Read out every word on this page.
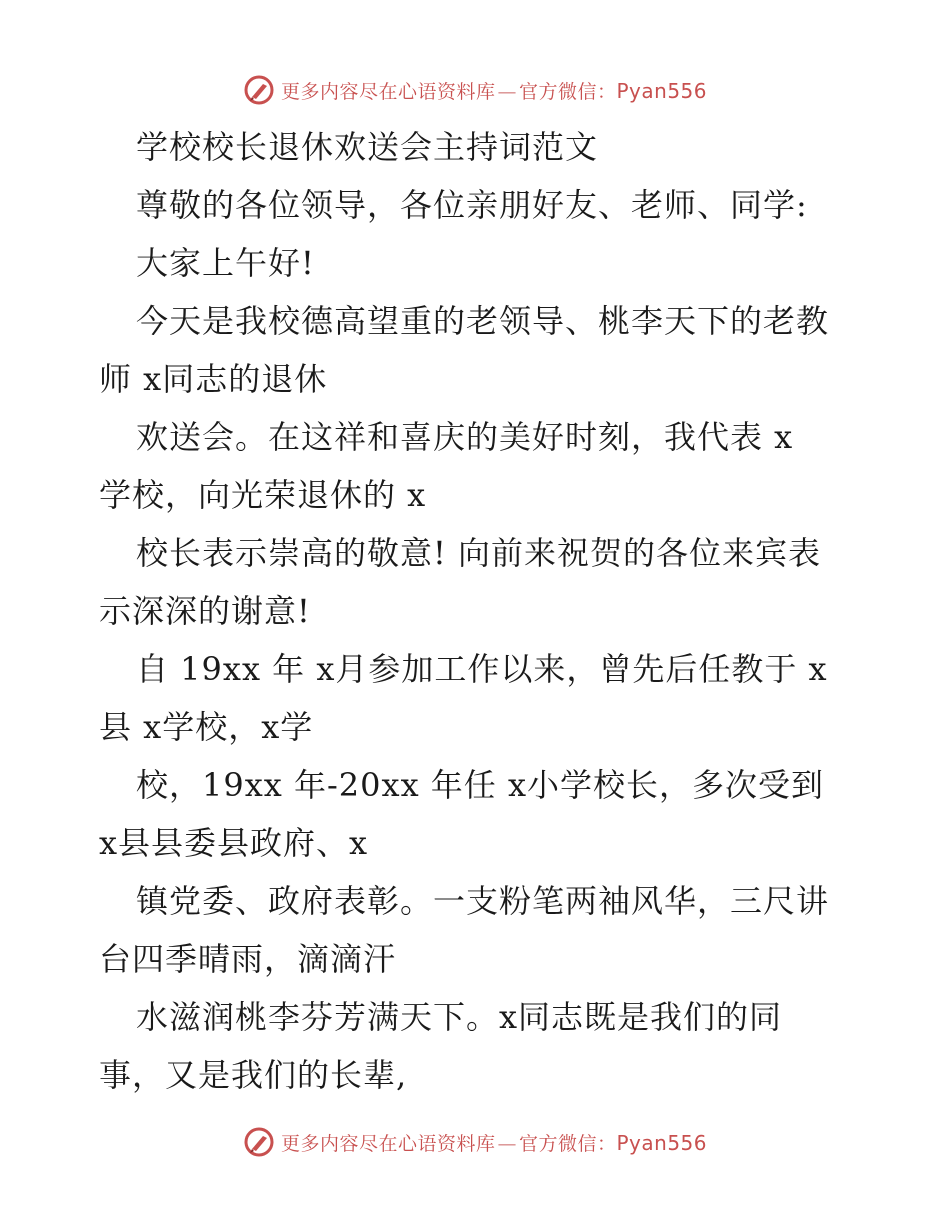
更多内容尽在心语资料库 — 官方微信：Pyan556
学校校长退休欢送会主持词范文
尊敬的各位领导，各位亲朋好友、老师、同学:
大家上午好!
今天是我校德高望重的老领导、桃李天下的老教
师 x同志的退休
欢送会。在这祥和喜庆的美好时刻，我代表 x
学校，向光荣退休的 x
校长表示崇高的敬意! 向前来祝贺的各位来宾表
示深深的谢意!
自 19xx 年 x月参加工作以来，曾先后任教于 x
县 x学校，x学
校，19xx 年-20xx 年任 x小学校长，多次受到
x县县委县政府、x
镇党委、政府表彰。一支粉笔两袖风华，三尺讲
台四季晴雨，滴滴汗
水滋润桃李芬芳满天下。x同志既是我们的同
事，又是我们的长辈,
更多内容尽在心语资料库 — 官方微信：Pyan556
